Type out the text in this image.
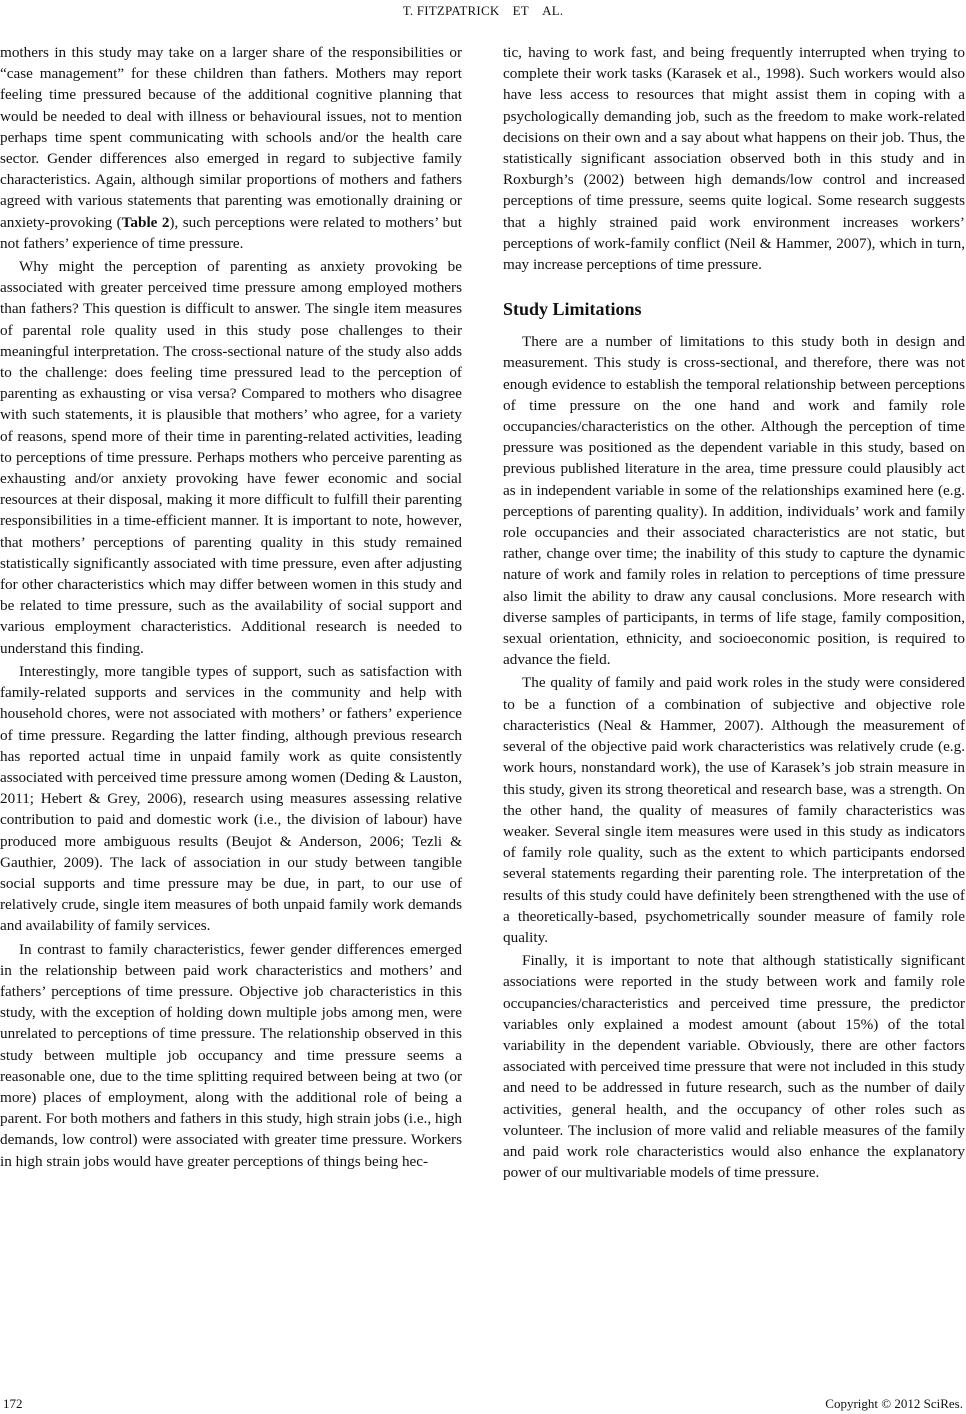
T. FITZPATRICK ET AL.

mothers in this study may take on a larger share of the responsibilities or “case management” for these children than fathers. Mothers may report feeling time pressured because of the additional cognitive planning that would be needed to deal with illness or behavioural issues, not to mention perhaps time spent communicating with schools and/or the health care sector. Gender differences also emerged in regard to subjective family characteristics. Again, although similar proportions of mothers and fathers agreed with various statements that parenting was emotionally draining or anxiety-provoking (Table 2), such perceptions were related to mothers’ but not fathers’ experience of time pressure.

Why might the perception of parenting as anxiety provoking be associated with greater perceived time pressure among employed mothers than fathers? This question is difficult to answer. The single item measures of parental role quality used in this study pose challenges to their meaningful interpretation. The cross-sectional nature of the study also adds to the challenge: does feeling time pressured lead to the perception of parenting as exhausting or visa versa? Compared to mothers who disagree with such statements, it is plausible that mothers’ who agree, for a variety of reasons, spend more of their time in parenting-related activities, leading to perceptions of time pressure. Perhaps mothers who perceive parenting as exhausting and/or anxiety provoking have fewer economic and social resources at their disposal, making it more difficult to fulfill their parenting responsibilities in a time-efficient manner. It is important to note, however, that mothers’ perceptions of parenting quality in this study remained statistically significantly associated with time pressure, even after adjusting for other characteristics which may differ between women in this study and be related to time pressure, such as the availability of social support and various employment characteristics. Additional research is needed to understand this finding.

Interestingly, more tangible types of support, such as satisfaction with family-related supports and services in the community and help with household chores, were not associated with mothers’ or fathers’ experience of time pressure. Regarding the latter finding, although previous research has reported actual time in unpaid family work as quite consistently associated with perceived time pressure among women (Deding & Lauston, 2011; Hebert & Grey, 2006), research using measures assessing relative contribution to paid and domestic work (i.e., the division of labour) have produced more ambiguous results (Beujot & Anderson, 2006; Tezli & Gauthier, 2009). The lack of association in our study between tangible social supports and time pressure may be due, in part, to our use of relatively crude, single item measures of both unpaid family work demands and availability of family services.

In contrast to family characteristics, fewer gender differences emerged in the relationship between paid work characteristics and mothers’ and fathers’ perceptions of time pressure. Objective job characteristics in this study, with the exception of holding down multiple jobs among men, were unrelated to perceptions of time pressure. The relationship observed in this study between multiple job occupancy and time pressure seems a reasonable one, due to the time splitting required between being at two (or more) places of employment, along with the additional role of being a parent. For both mothers and fathers in this study, high strain jobs (i.e., high demands, low control) were associated with greater time pressure. Workers in high strain jobs would have greater perceptions of things being hec-

tic, having to work fast, and being frequently interrupted when trying to complete their work tasks (Karasek et al., 1998). Such workers would also have less access to resources that might assist them in coping with a psychologically demanding job, such as the freedom to make work-related decisions on their own and a say about what happens on their job. Thus, the statistically significant association observed both in this study and in Roxburgh’s (2002) between high demands/low control and increased perceptions of time pressure, seems quite logical. Some research suggests that a highly strained paid work environment increases workers’ perceptions of work-family conflict (Neil & Hammer, 2007), which in turn, may increase perceptions of time pressure.

Study Limitations

There are a number of limitations to this study both in design and measurement. This study is cross-sectional, and therefore, there was not enough evidence to establish the temporal relationship between perceptions of time pressure on the one hand and work and family role occupancies/characteristics on the other. Although the perception of time pressure was positioned as the dependent variable in this study, based on previous published literature in the area, time pressure could plausibly act as in independent variable in some of the relationships examined here (e.g. perceptions of parenting quality). In addition, individuals’ work and family role occupancies and their associated characteristics are not static, but rather, change over time; the inability of this study to capture the dynamic nature of work and family roles in relation to perceptions of time pressure also limit the ability to draw any causal conclusions. More research with diverse samples of participants, in terms of life stage, family composition, sexual orientation, ethnicity, and socioeconomic position, is required to advance the field.

The quality of family and paid work roles in the study were considered to be a function of a combination of subjective and objective role characteristics (Neal & Hammer, 2007). Although the measurement of several of the objective paid work characteristics was relatively crude (e.g. work hours, nonstandard work), the use of Karasek’s job strain measure in this study, given its strong theoretical and research base, was a strength. On the other hand, the quality of measures of family characteristics was weaker. Several single item measures were used in this study as indicators of family role quality, such as the extent to which participants endorsed several statements regarding their parenting role. The interpretation of the results of this study could have definitely been strengthened with the use of a theoretically-based, psychometrically sounder measure of family role quality.

Finally, it is important to note that although statistically significant associations were reported in the study between work and family role occupancies/characteristics and perceived time pressure, the predictor variables only explained a modest amount (about 15%) of the total variability in the dependent variable. Obviously, there are other factors associated with perceived time pressure that were not included in this study and need to be addressed in future research, such as the number of daily activities, general health, and the occupancy of other roles such as volunteer. The inclusion of more valid and reliable measures of the family and paid work role characteristics would also enhance the explanatory power of our multivariable models of time pressure.

172	Copyright © 2012 SciRes.
